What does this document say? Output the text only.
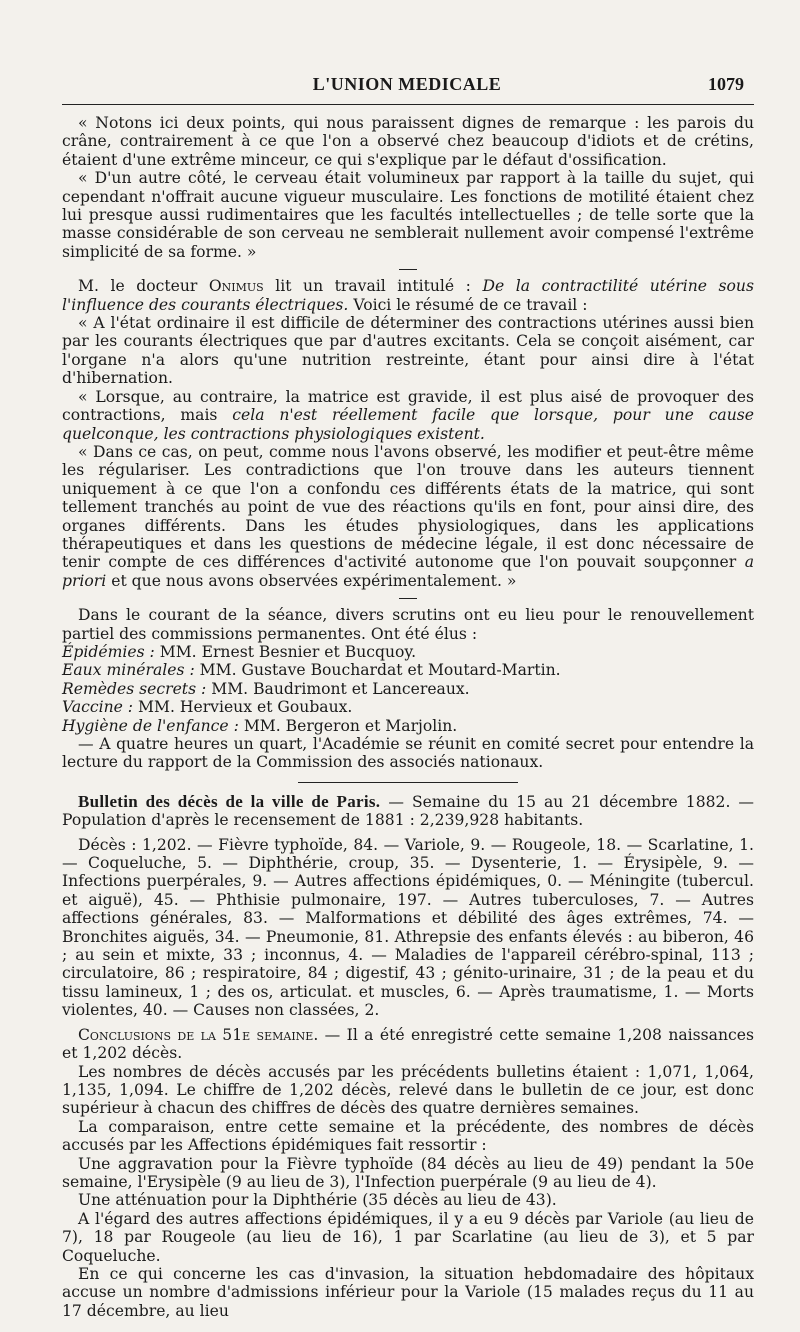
L'UNION MEDICALE	1079

« Notons ici deux points, qui nous paraissent dignes de remarque : les parois du crâne, contrairement à ce que l'on a observé chez beaucoup d'idiots et de crétins, étaient d'une extrême minceur, ce qui s'explique par le défaut d'ossification.

« D'un autre côté, le cerveau était volumineux par rapport à la taille du sujet, qui cependant n'offrait aucune vigueur musculaire. Les fonctions de motilité étaient chez lui presque aussi rudimentaires que les facultés intellectuelles ; de telle sorte que la masse considérable de son cerveau ne semblerait nullement avoir compensé l'extrême simplicité de sa forme. »

M. le docteur Onimus lit un travail intitulé : De la contractilité utérine sous l'influence des courants électriques. Voici le résumé de ce travail :

« A l'état ordinaire il est difficile de déterminer des contractions utérines aussi bien par les courants électriques que par d'autres excitants. Cela se conçoit aisément, car l'organe n'a alors qu'une nutrition restreinte, étant pour ainsi dire à l'état d'hibernation.

« Lorsque, au contraire, la matrice est gravide, il est plus aisé de provoquer des contractions, mais cela n'est réellement facile que lorsque, pour une cause quelconque, les contractions physiologiques existent.

« Dans ce cas, on peut, comme nous l'avons observé, les modifier et peut-être même les régulariser. Les contradictions que l'on trouve dans les auteurs tiennent uniquement à ce que l'on a confondu ces différents états de la matrice, qui sont tellement tranchés au point de vue des réactions qu'ils en font, pour ainsi dire, des organes différents. Dans les études physiologiques, dans les applications thérapeutiques et dans les questions de médecine légale, il est donc nécessaire de tenir compte de ces différences d'activité autonome que l'on pouvait soupçonner a priori et que nous avons observées expérimentalement. »

Dans le courant de la séance, divers scrutins ont eu lieu pour le renouvellement partiel des commissions permanentes. Ont été élus :

Épidémies : MM. Ernest Besnier et Bucquoy.

Eaux minérales : MM. Gustave Bouchardat et Moutard-Martin.

Remèdes secrets : MM. Baudrimont et Lancereaux.

Vaccine : MM. Hervieux et Goubaux.

Hygiène de l'enfance : MM. Bergeron et Marjolin.

— A quatre heures un quart, l'Académie se réunit en comité secret pour entendre la lecture du rapport de la Commission des associés nationaux.

Bulletin des décès de la ville de Paris. — Semaine du 15 au 21 décembre 1882. — Population d'après le recensement de 1881 : 2,239,928 habitants.

Décès : 1,202. — Fièvre typhoïde, 84. — Variole, 9. — Rougeole, 18. — Scarlatine, 1. — Coqueluche, 5. — Diphthérie, croup, 35. — Dysenterie, 1. — Érysipèle, 9. — Infections puerpérales, 9. — Autres affections épidémiques, 0. — Méningite (tubercul. et aiguë), 45. — Phthisie pulmonaire, 197. — Autres tuberculoses, 7. — Autres affections générales, 83. — Malformations et débilité des âges extrêmes, 74. — Bronchites aiguës, 34. — Pneumonie, 81. Athrepsie des enfants élevés : au biberon, 46 ; au sein et mixte, 33 ; inconnus, 4. — Maladies de l'appareil cérébro-spinal, 113 ; circulatoire, 86 ; respiratoire, 84 ; digestif, 43 ; génito-urinaire, 31 ; de la peau et du tissu lamineux, 1 ; des os, articulat. et muscles, 6. — Après traumatisme, 1. — Morts violentes, 40. — Causes non classées, 2.

Conclusions de la 51e semaine. — Il a été enregistré cette semaine 1,208 naissances et 1,202 décès.

Les nombres de décès accusés par les précédents bulletins étaient : 1,071, 1,064, 1,135, 1,094. Le chiffre de 1,202 décès, relevé dans le bulletin de ce jour, est donc supérieur à chacun des chiffres de décès des quatre dernières semaines.

La comparaison, entre cette semaine et la précédente, des nombres de décès accusés par les Affections épidémiques fait ressortir :

Une aggravation pour la Fièvre typhoïde (84 décès au lieu de 49) pendant la 50e semaine, l'Erysipèle (9 au lieu de 3), l'Infection puerpérale (9 au lieu de 4).

Une atténuation pour la Diphthérie (35 décès au lieu de 43).

A l'égard des autres affections épidémiques, il y a eu 9 décès par Variole (au lieu de 7), 18 par Rougeole (au lieu de 16), 1 par Scarlatine (au lieu de 3), et 5 par Coqueluche.

En ce qui concerne les cas d'invasion, la situation hebdomadaire des hôpitaux accuse un nombre d'admissions inférieur pour la Variole (15 malades reçus du 11 au 17 décembre, au lieu
